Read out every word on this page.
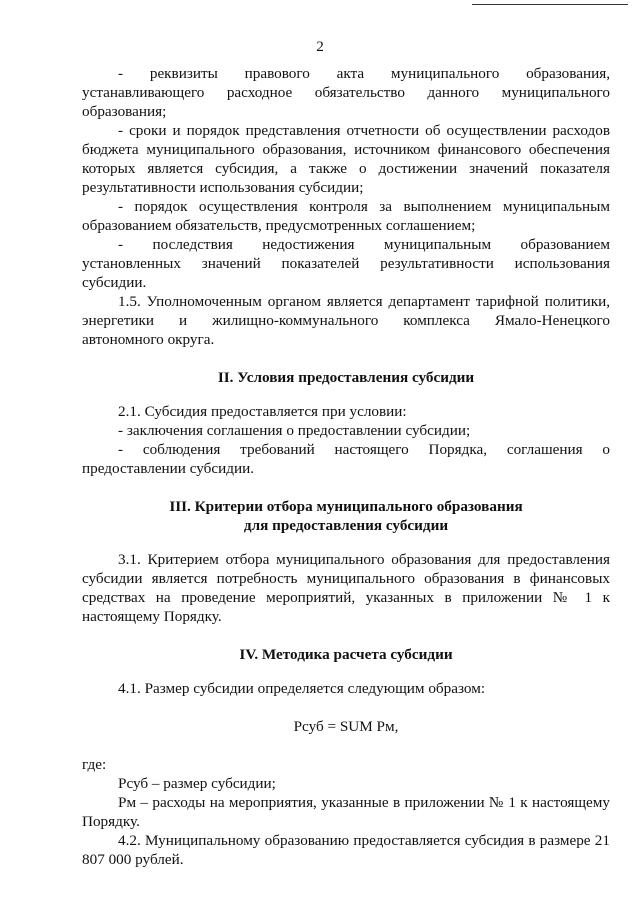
2

- реквизиты правового акта муниципального образования, устанавливающего расходное обязательство данного муниципального образования;

- сроки и порядок представления отчетности об осуществлении расходов бюджета муниципального образования, источником финансового обеспечения которых является субсидия, а также о достижении значений показателя результативности использования субсидии;

- порядок осуществления контроля за выполнением муниципальным образованием обязательств, предусмотренных соглашением;

- последствия недостижения муниципальным образованием установленных значений показателей результативности использования субсидии.

1.5. Уполномоченным органом является департамент тарифной политики, энергетики и жилищно-коммунального комплекса Ямало-Ненецкого автономного округа.

II. Условия предоставления субсидии

2.1. Субсидия предоставляется при условии:

- заключения соглашения о предоставлении субсидии;

- соблюдения требований настоящего Порядка, соглашения о предоставлении субсидии.

III. Критерии отбора муниципального образования

для предоставления субсидии

3.1. Критерием отбора муниципального образования для предоставления субсидии является потребность муниципального образования в финансовых средствах на проведение мероприятий, указанных в приложении № 1 к настоящему Порядку.

IV. Методика расчета субсидии

4.1. Размер субсидии определяется следующим образом:

Рсуб = SUM Рм,

где:

Рсуб – размер субсидии;

Рм – расходы на мероприятия, указанные в приложении № 1 к настоящему Порядку.

4.2. Муниципальному образованию предоставляется субсидия в размере 21 807 000 рублей.
